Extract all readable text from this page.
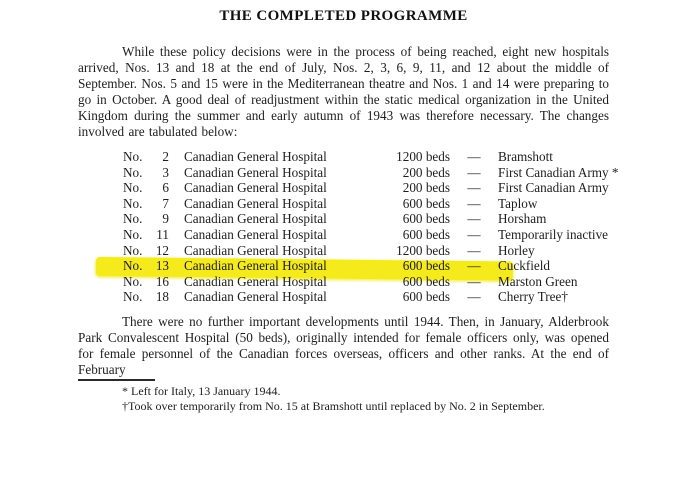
THE COMPLETED PROGRAMME
While these policy decisions were in the process of being reached, eight new hospitals arrived, Nos. 13 and 18 at the end of July, Nos. 2, 3, 6, 9, 11, and 12 about the middle of September. Nos. 5 and 15 were in the Mediterranean theatre and Nos. 1 and 14 were preparing to go in October. A good deal of readjustment within the static medical organization in the United Kingdom during the summer and early autumn of 1943 was therefore necessary. The changes involved are tabulated below:
No.	2 Canadian General Hospital	1200 beds	—	Bramshott
No.	3 Canadian General Hospital	200 beds	—	First Canadian Army *
No.	6 Canadian General Hospital	200 beds	—	First Canadian Army
No.	7 Canadian General Hospital	600 beds	—	Taplow
No.	9 Canadian General Hospital	600 beds	—	Horsham
No.	11 Canadian General Hospital	600 beds	—	Temporarily inactive
No.	12 Canadian General Hospital	1200 beds	—	Horley
No.	13 Canadian General Hospital	600 beds	—	Cuckfield
No.	16 Canadian General Hospital	600 beds	—	Marston Green
No.	18 Canadian General Hospital	600 beds	—	Cherry Tree†
There were no further important developments until 1944. Then, in January, Alderbrook Park Convalescent Hospital (50 beds), originally intended for female officers only, was opened for female personnel of the Canadian forces overseas, officers and other ranks. At the end of February
* Left for Italy, 13 January 1944.
†Took over temporarily from No. 15 at Bramshott until replaced by No. 2 in September.
